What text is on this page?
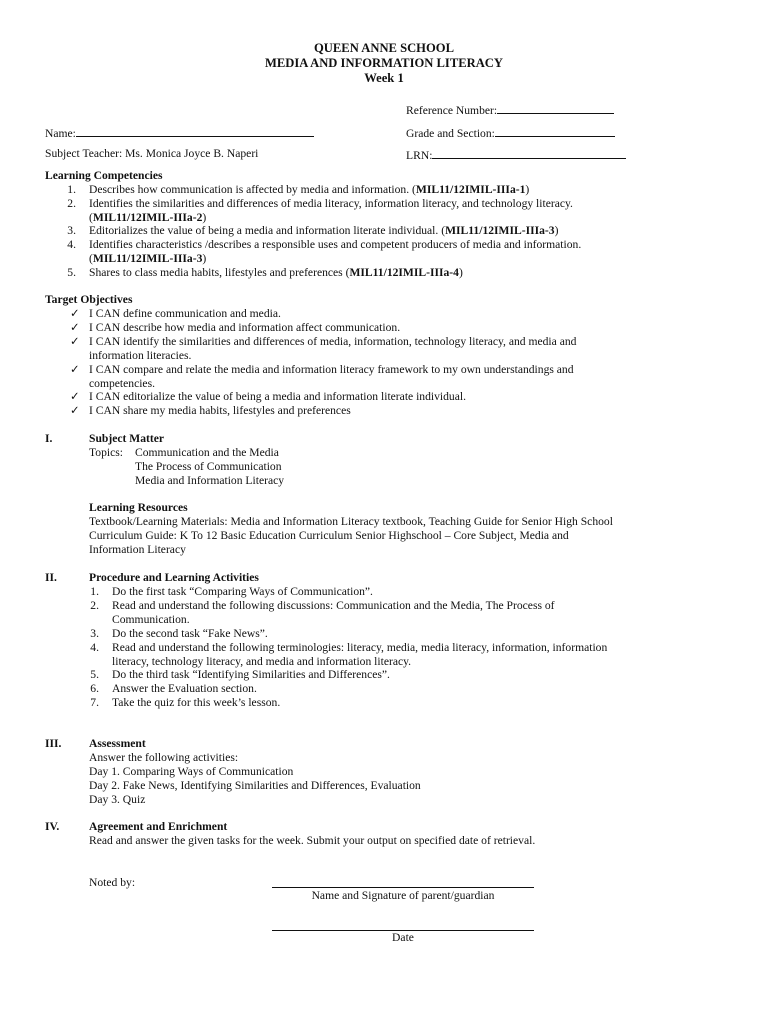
QUEEN ANNE SCHOOL
MEDIA AND INFORMATION LITERACY
Week 1
Reference Number:
Name:	Grade and Section:
Subject Teacher: Ms. Monica Joyce B. Naperi	LRN:
Learning Competencies
1. Describes how communication is affected by media and information. (MIL11/12IMIL-IIIa-1)
2. Identifies the similarities and differences of media literacy, information literacy, and technology literacy.
(MIL11/12IMIL-IIIa-2)
3. Editorializes the value of being a media and information literate individual. (MIL11/12IMIL-IIIa-3)
4. Identifies characteristics /describes a responsible uses and competent producers of media and information.
(MIL11/12IMIL-IIIa-3)
5. Shares to class media habits, lifestyles and preferences (MIL11/12IMIL-IIIa-4)
Target Objectives
✓ I CAN define communication and media.
✓ I CAN describe how media and information affect communication.
✓ I CAN identify the similarities and differences of media, information, technology literacy, and media and
information literacies.
✓ I CAN compare and relate the media and information literacy framework to my own understandings and
competencies.
✓ I CAN editorialize the value of being a media and information literate individual.
✓ I CAN share my media habits, lifestyles and preferences
I.	Subject Matter
Topics: Communication and the Media
The Process of Communication
Media and Information Literacy
Learning Resources
Textbook/Learning Materials: Media and Information Literacy textbook, Teaching Guide for Senior High School
Curriculum Guide: K To 12 Basic Education Curriculum Senior Highschool – Core Subject, Media and
Information Literacy
II.	Procedure and Learning Activities
1. Do the first task “Comparing Ways of Communication”.
2. Read and understand the following discussions: Communication and the Media, The Process of
Communication.
3. Do the second task “Fake News”.
4. Read and understand the following terminologies: literacy, media, media literacy, information, information
literacy, technology literacy, and media and information literacy.
5. Do the third task “Identifying Similarities and Differences”.
6. Answer the Evaluation section.
7. Take the quiz for this week’s lesson.
III. Assessment
Answer the following activities:
Day 1. Comparing Ways of Communication
Day 2. Fake News, Identifying Similarities and Differences, Evaluation
Day 3. Quiz
IV.	Agreement and Enrichment
Read and answer the given tasks for the week. Submit your output on specified date of retrieval.
Noted by:
Name and Signature of parent/guardian
Date
